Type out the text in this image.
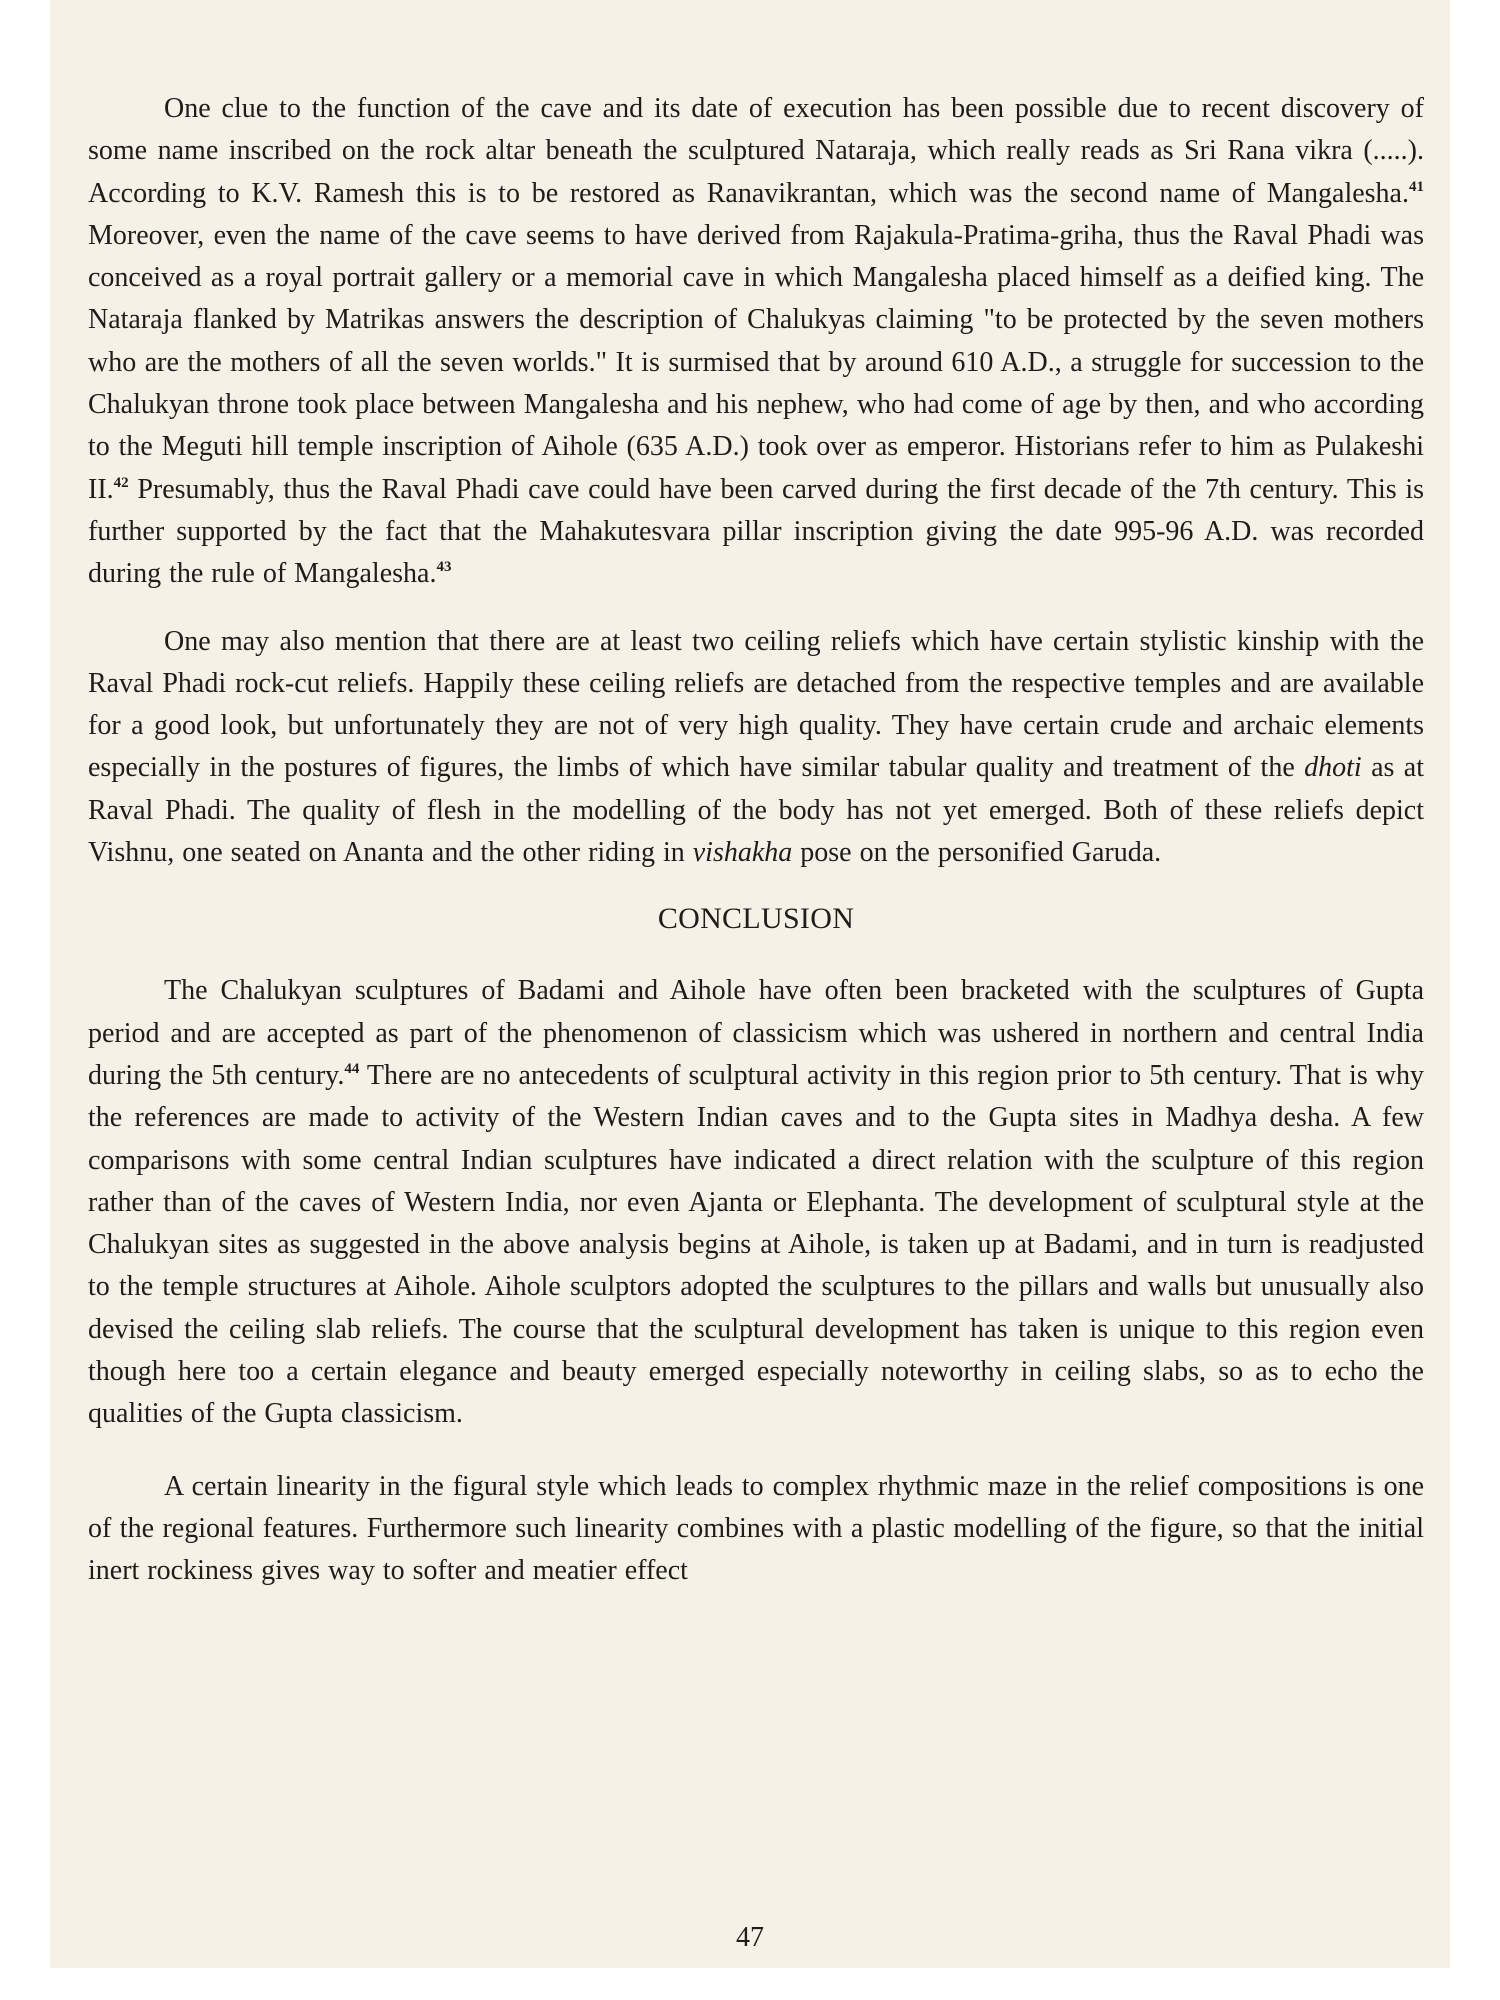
One clue to the function of the cave and its date of execution has been possible due to recent discovery of some name inscribed on the rock altar beneath the sculptured Nataraja, which really reads as Sri Rana vikra (.....). According to K.V. Ramesh this is to be restored as Ranavikrantan, which was the second name of Mangalesha.$^{41}$ Moreover, even the name of the cave seems to have derived from Rajakula-Pratima-griha, thus the Raval Phadi was conceived as a royal portrait gallery or a memorial cave in which Mangalesha placed himself as a deified king. The Nataraja flanked by Matrikas answers the description of Chalukyas claiming "to be protected by the seven mothers who are the mothers of all the seven worlds." It is surmised that by around 610 A.D., a struggle for succession to the Chalukyan throne took place between Mangalesha and his nephew, who had come of age by then, and who according to the Meguti hill temple inscription of Aihole (635 A.D.) took over as emperor. Historians refer to him as Pulakeshi II.$^{42}$ Presumably, thus the Raval Phadi cave could have been carved during the first decade of the 7th century. This is further supported by the fact that the Mahakutesvara pillar inscription giving the date 995-96 A.D. was recorded during the rule of Mangalesha.$^{43}$

One may also mention that there are at least two ceiling reliefs which have certain stylistic kinship with the Raval Phadi rock-cut reliefs. Happily these ceiling reliefs are detached from the respective temples and are available for a good look, but unfortunately they are not of very high quality. They have certain crude and archaic elements especially in the postures of figures, the limbs of which have similar tabular quality and treatment of the dhoti as at Raval Phadi. The quality of flesh in the modelling of the body has not yet emerged. Both of these reliefs depict Vishnu, one seated on Ananta and the other riding in vishakha pose on the personified Garuda.

CONCLUSION

The Chalukyan sculptures of Badami and Aihole have often been bracketed with the sculptures of Gupta period and are accepted as part of the phenomenon of classicism which was ushered in northern and central India during the 5th century.$^{44}$ There are no antecedents of sculptural activity in this region prior to 5th century. That is why the references are made to activity of the Western Indian caves and to the Gupta sites in Madhya desha. A few comparisons with some central Indian sculptures have indicated a direct relation with the sculpture of this region rather than of the caves of Western India, nor even Ajanta or Elephanta. The development of sculptural style at the Chalukyan sites as suggested in the above analysis begins at Aihole, is taken up at Badami, and in turn is readjusted to the temple structures at Aihole. Aihole sculptors adopted the sculptures to the pillars and walls but unusually also devised the ceiling slab reliefs. The course that the sculptural development has taken is unique to this region even though here too a certain elegance and beauty emerged especially noteworthy in ceiling slabs, so as to echo the qualities of the Gupta classicism.

A certain linearity in the figural style which leads to complex rhythmic maze in the relief compositions is one of the regional features. Furthermore such linearity combines with a plastic modelling of the figure, so that the initial inert rockiness gives way to softer and meatier effect

47
